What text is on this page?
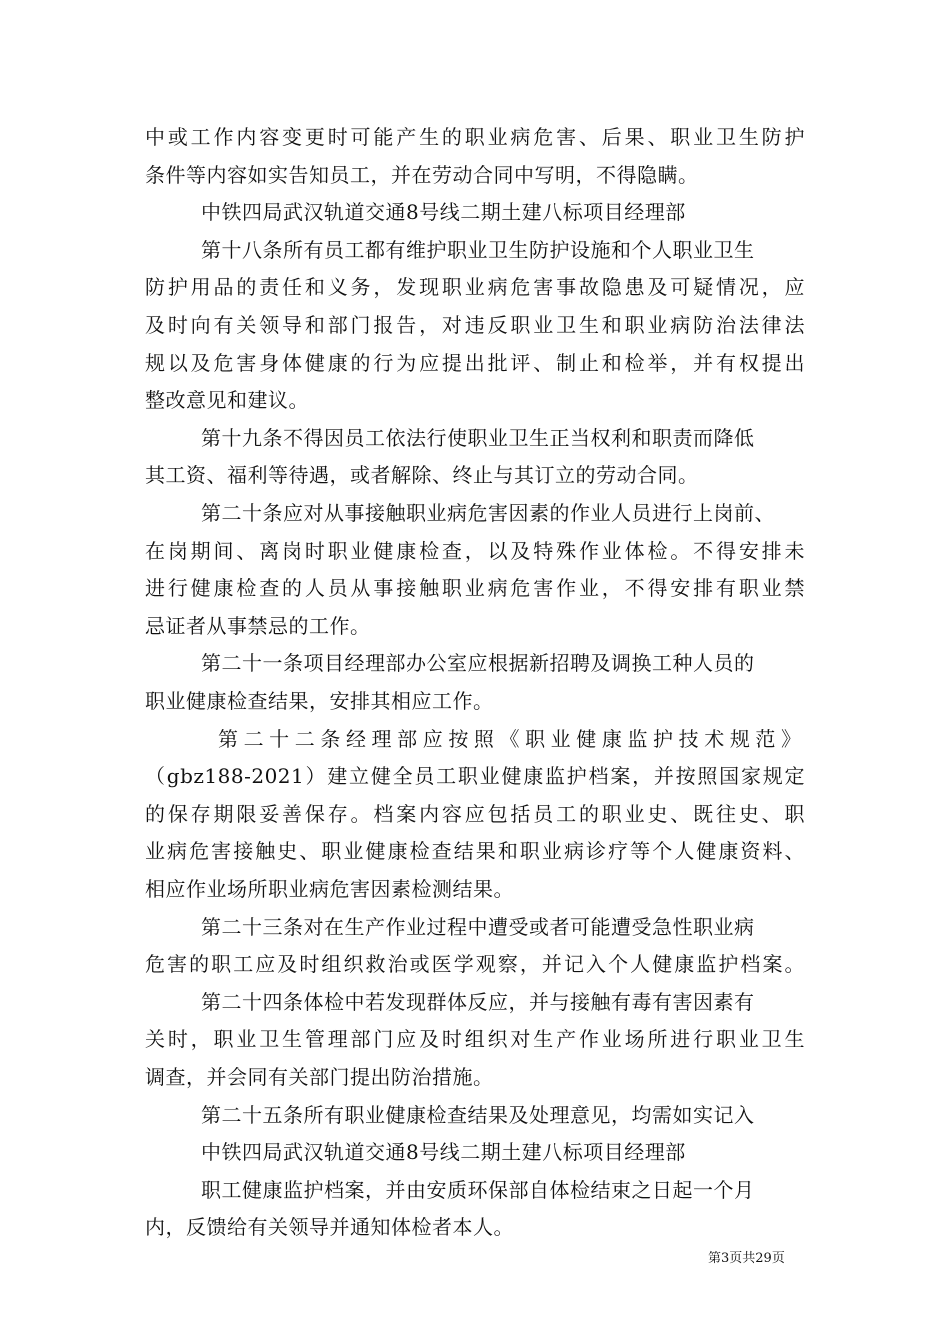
中或工作内容变更时可能产生的职业病危害、后果、职业卫生防护
条件等内容如实告知员工，并在劳动合同中写明，不得隐瞒。
中铁四局武汉轨道交通8号线二期土建八标项目经理部
第十八条所有员工都有维护职业卫生防护设施和个人职业卫生
防护用品的责任和义务，发现职业病危害事故隐患及可疑情况，应
及时向有关领导和部门报告，对违反职业卫生和职业病防治法律法
规以及危害身体健康的行为应提出批评、制止和检举，并有权提出
整改意见和建议。
第十九条不得因员工依法行使职业卫生正当权利和职责而降低
其工资、福利等待遇，或者解除、终止与其订立的劳动合同。
第二十条应对从事接触职业病危害因素的作业人员进行上岗前、
在岗期间、离岗时职业健康检查，以及特殊作业体检。不得安排未
进行健康检查的人员从事接触职业病危害作业，不得安排有职业禁
忌证者从事禁忌的工作。
第二十一条项目经理部办公室应根据新招聘及调换工种人员的
职业健康检查结果，安排其相应工作。
第二十二条经理部应按照《职业健康监护技术规范》
（gbz188-2021）建立健全员工职业健康监护档案，并按照国家规定
的保存期限妥善保存。档案内容应包括员工的职业史、既往史、职
业病危害接触史、职业健康检查结果和职业病诊疗等个人健康资料、
相应作业场所职业病危害因素检测结果。
第二十三条对在生产作业过程中遭受或者可能遭受急性职业病
危害的职工应及时组织救治或医学观察，并记入个人健康监护档案。
第二十四条体检中若发现群体反应，并与接触有毒有害因素有
关时，职业卫生管理部门应及时组织对生产作业场所进行职业卫生
调查，并会同有关部门提出防治措施。
第二十五条所有职业健康检查结果及处理意见，均需如实记入
第3页共29页
中铁四局武汉轨道交通8号线二期土建八标项目经理部
职工健康监护档案，并由安质环保部自体检结束之日起一个月
内，反馈给有关领导并通知体检者本人。
